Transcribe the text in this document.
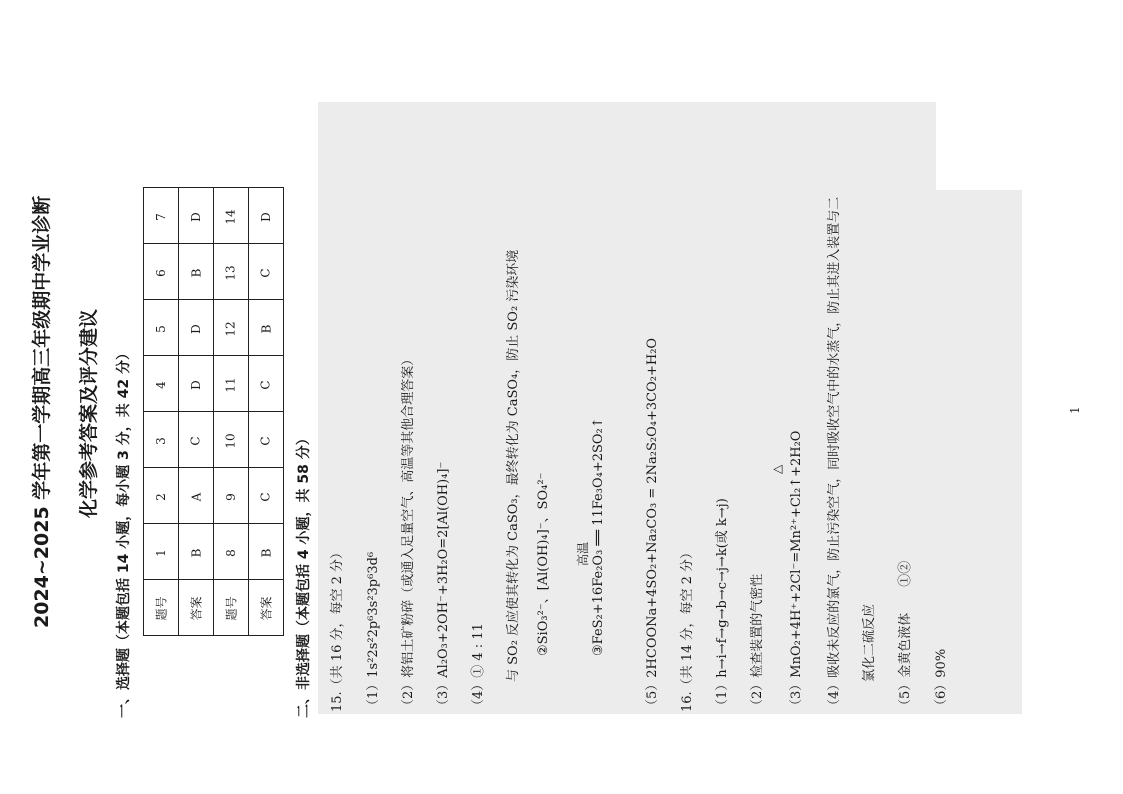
2024~2025 学年第一学期高三年级期中学业诊断 化学参考答案及评分建议 一、选择题（本题包括 14 小题，每小题 3 分，共 42 分）
7	D	14	D
6	B	13	C
5	D	12	B
4	D	11	C
3	C	10	C
2	A	9	C
1	B	8	B
题号	答案	题号	答案 二、非选择题（本题包括 4 小题，共 58 分）	15.（共 16 分，每空 2 分）	（1）1s²2s²2p⁶3s²3p⁶3d⁶	（2）将铝土矿粉碎（或通入足量空气、高温等其他合理答案）	（3）Al₂O₃+2OH⁻+3H₂O=2[Al(OH)₄]⁻	（4）① 4 : 11	与 SO₂ 反应使其转化为 CaSO₃，最终转化为 CaSO₄，防止 SO₂ 污染环境	②SiO₃²⁻、[Al(OH)₄]⁻、SO₄²⁻ 高温 ③FeS₂+16Fe₂O₃ ══ 11Fe₃O₄+2SO₂↑	（5）2HCOONa+4SO₂+Na₂CO₃ = 2Na₂S₂O₄+3CO₂+H₂O	16.（共 14 分，每空 2 分）	（1）h→i→f→g→b→c→j→k(或 k→j)	（2）检查装置的气密性
△ （3）MnO₂+4H⁺+2Cl⁻=Mn²⁺+Cl₂↑+2H₂O	（4）吸收未反应的氯气，防止污染空气，同时吸收空气中的水蒸气，防止其进入装置与二	氯化二硫反应	（5）金黄色液体　　①②	（6）90%
1
